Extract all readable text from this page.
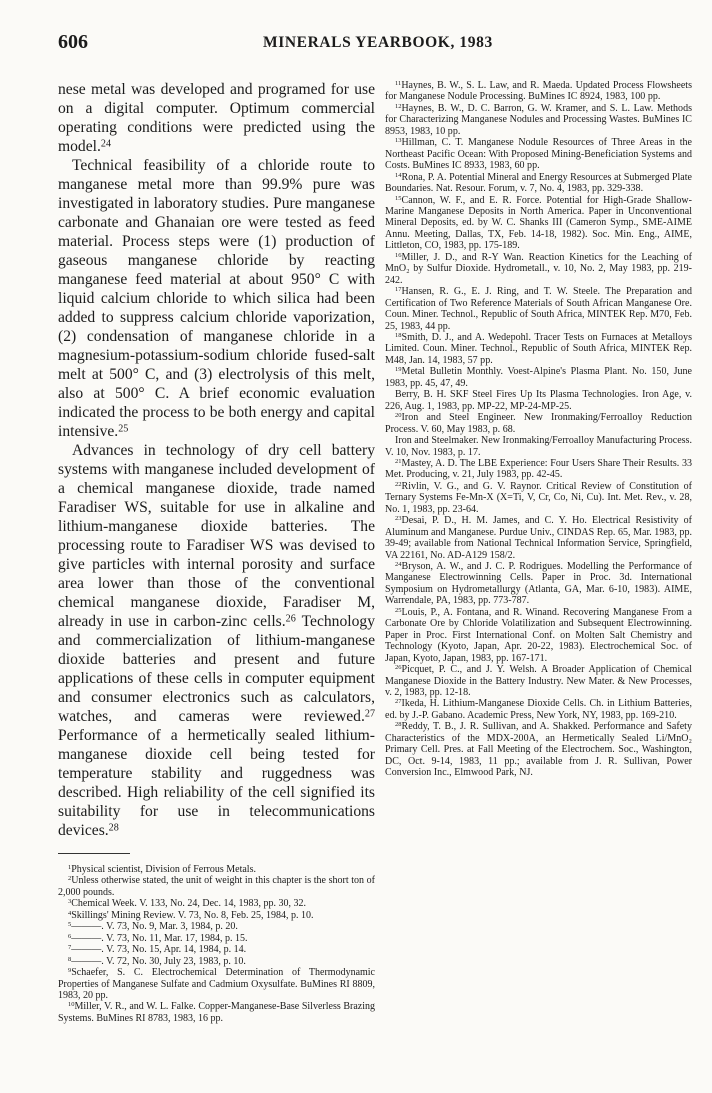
606	MINERALS YEARBOOK, 1983

nese metal was developed and programed for use on a digital computer. Optimum commercial operating conditions were predicted using the model.$^{24}$

Technical feasibility of a chloride route to manganese metal more than 99.9% pure was investigated in laboratory studies. Pure manganese carbonate and Ghanaian ore were tested as feed material. Process steps were (1) production of gaseous manganese chloride by reacting manganese feed material at about 950° C with liquid calcium chloride to which silica had been added to suppress calcium chloride vaporization, (2) condensation of manganese chloride in a magnesium-potassium-sodium chloride fused-salt melt at 500° C, and (3) electrolysis of this melt, also at 500° C. A brief economic evaluation indicated the process to be both energy and capital intensive.$^{25}$

Advances in technology of dry cell battery systems with manganese included development of a chemical manganese dioxide, trade named Faradiser WS, suitable for use in alkaline and lithium-manganese dioxide batteries. The processing route to Faradiser WS was devised to give particles with internal porosity and surface area lower than those of the conventional chemical manganese dioxide, Faradiser M, already in use in carbon-zinc cells.$^{26}$ Technology and commercialization of lithium-manganese dioxide batteries and present and future applications of these cells in computer equipment and consumer electronics such as calculators, watches, and cameras were reviewed.$^{27}$ Performance of a hermetically sealed lithium-manganese dioxide cell being tested for temperature stability and ruggedness was described. High reliability of the cell signified its suitability for use in telecommunications devices.$^{28}$

$^1$Physical scientist, Division of Ferrous Metals.

$^2$Unless otherwise stated, the unit of weight in this chapter is the short ton of 2,000 pounds.

$^3$Chemical Week. V. 133, No. 24, Dec. 14, 1983, pp. 30, 32.

$^4$Skillings' Mining Review. V. 73, No. 8, Feb. 25, 1984, p. 10.

$^5$———. V. 73, No. 9, Mar. 3, 1984, p. 20.

$^6$———. V. 73, No. 11, Mar. 17, 1984, p. 15.

$^7$———. V. 73, No. 15, Apr. 14, 1984, p. 14.

$^8$———. V. 72, No. 30, July 23, 1983, p. 10.

$^9$Schaefer, S. C. Electrochemical Determination of Thermodynamic Properties of Manganese Sulfate and Cadmium Oxysulfate. BuMines RI 8809, 1983, 20 pp.

$^{10}$Miller, V. R., and W. L. Falke. Copper-Manganese-Base Silverless Brazing Systems. BuMines RI 8783, 1983, 16 pp.

$^{11}$Haynes, B. W., S. L. Law, and R. Maeda. Updated Process Flowsheets for Manganese Nodule Processing. BuMines IC 8924, 1983, 100 pp.

$^{12}$Haynes, B. W., D. C. Barron, G. W. Kramer, and S. L. Law. Methods for Characterizing Manganese Nodules and Processing Wastes. BuMines IC 8953, 1983, 10 pp.

$^{13}$Hillman, C. T. Manganese Nodule Resources of Three Areas in the Northeast Pacific Ocean: With Proposed Mining-Beneficiation Systems and Costs. BuMines IC 8933, 1983, 60 pp.

$^{14}$Rona, P. A. Potential Mineral and Energy Resources at Submerged Plate Boundaries. Nat. Resour. Forum, v. 7, No. 4, 1983, pp. 329-338.

$^{15}$Cannon, W. F., and E. R. Force. Potential for High-Grade Shallow-Marine Manganese Deposits in North America. Paper in Unconventional Mineral Deposits, ed. by W. C. Shanks III (Cameron Symp., SME-AIME Annu. Meeting, Dallas, TX, Feb. 14-18, 1982). Soc. Min. Eng., AIME, Littleton, CO, 1983, pp. 175-189.

$^{16}$Miller, J. D., and R-Y Wan. Reaction Kinetics for the Leaching of MnO₂ by Sulfur Dioxide. Hydrometall., v. 10, No. 2, May 1983, pp. 219-242.

$^{17}$Hansen, R. G., E. J. Ring, and T. W. Steele. The Preparation and Certification of Two Reference Materials of South African Manganese Ore. Coun. Miner. Technol., Republic of South Africa, MINTEK Rep. M70, Feb. 25, 1983, 44 pp.

$^{18}$Smith, D. J., and A. Wedepohl. Tracer Tests on Furnaces at Metalloys Limited. Coun. Miner. Technol., Republic of South Africa, MINTEK Rep. M48, Jan. 14, 1983, 57 pp.

$^{19}$Metal Bulletin Monthly. Voest-Alpine's Plasma Plant. No. 150, June 1983, pp. 45, 47, 49.

Berry, B. H. SKF Steel Fires Up Its Plasma Technologies. Iron Age, v. 226, Aug. 1, 1983, pp. MP-22, MP-24-MP-25.

$^{20}$Iron and Steel Engineer. New Ironmaking/Ferroalloy Reduction Process. V. 60, May 1983, p. 68.

Iron and Steelmaker. New Ironmaking/Ferroalloy Manufacturing Process. V. 10, Nov. 1983, p. 17.

$^{21}$Mastey, A. D. The LBE Experience: Four Users Share Their Results. 33 Met. Producing, v. 21, July 1983, pp. 42-45.

$^{22}$Rivlin, V. G., and G. V. Raynor. Critical Review of Constitution of Ternary Systems Fe-Mn-X (X=Ti, V, Cr, Co, Ni, Cu). Int. Met. Rev., v. 28, No. 1, 1983, pp. 23-64.

$^{23}$Desai, P. D., H. M. James, and C. Y. Ho. Electrical Resistivity of Aluminum and Manganese. Purdue Univ., CINDAS Rep. 65, Mar. 1983, pp. 39-49; available from National Technical Information Service, Springfield, VA 22161, No. AD-A129 158/2.

$^{24}$Bryson, A. W., and J. C. P. Rodrigues. Modelling the Performance of Manganese Electrowinning Cells. Paper in Proc. 3d. International Symposium on Hydrometallurgy (Atlanta, GA, Mar. 6-10, 1983). AIME, Warrendale, PA, 1983, pp. 773-787.

$^{25}$Louis, P., A. Fontana, and R. Winand. Recovering Manganese From a Carbonate Ore by Chloride Volatilization and Subsequent Electrowinning. Paper in Proc. First International Conf. on Molten Salt Chemistry and Technology (Kyoto, Japan, Apr. 20-22, 1983). Electrochemical Soc. of Japan, Kyoto, Japan, 1983, pp. 167-171.

$^{26}$Picquet, P. C., and J. Y. Welsh. A Broader Application of Chemical Manganese Dioxide in the Battery Industry. New Mater. & New Processes, v. 2, 1983, pp. 12-18.

$^{27}$Ikeda, H. Lithium-Manganese Dioxide Cells. Ch. in Lithium Batteries, ed. by J.-P. Gabano. Academic Press, New York, NY, 1983, pp. 169-210.

$^{28}$Reddy, T. B., J. R. Sullivan, and A. Shakked. Performance and Safety Characteristics of the MDX-200A, an Hermetically Sealed Li/MnO₂ Primary Cell. Pres. at Fall Meeting of the Electrochem. Soc., Washington, DC, Oct. 9-14, 1983, 11 pp.; available from J. R. Sullivan, Power Conversion Inc., Elmwood Park, NJ.
